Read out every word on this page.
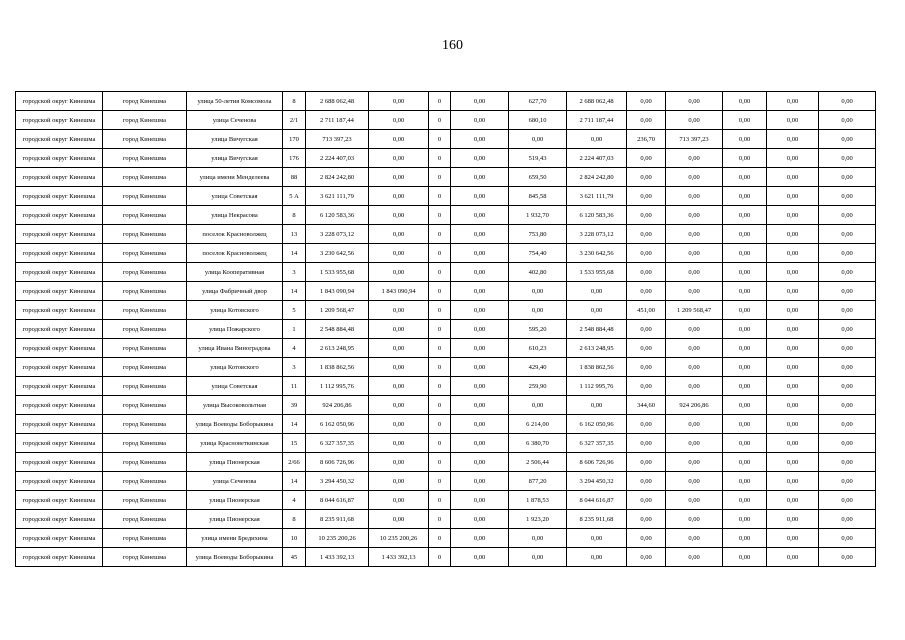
160
городской округ Кинешма	город Кинешма	улица 50-летия Комсомола	8	2 688 062,48	0,00	0	0,00	627,70	2 688 062,48	0,00	0,00	0,00	0,00	0,00
городской округ Кинешма	город Кинешма	улица Сеченова	2/1	2 711 187,44	0,00	0	0,00	680,10	2 711 187,44	0,00	0,00	0,00	0,00	0,00
городской округ Кинешма	город Кинешма	улица Вичугская	170	713 397,23	0,00	0	0,00	0,00	0,00	236,70	713 397,23	0,00	0,00	0,00
городской округ Кинешма	город Кинешма	улица Вичугская	176	2 224 407,03	0,00	0	0,00	519,43	2 224 407,03	0,00	0,00	0,00	0,00	0,00
городской округ Кинешма	город Кинешма	улица имени Менделеева	88	2 824 242,80	0,00	0	0,00	659,50	2 824 242,80	0,00	0,00	0,00	0,00	0,00
городской округ Кинешма	город Кинешма	улица Советская	5 А	3 621 111,79	0,00	0	0,00	845,58	3 621 111,79	0,00	0,00	0,00	0,00	0,00
городской округ Кинешма	город Кинешма	улица Некрасова	8	6 120 583,36	0,00	0	0,00	1 932,70	6 120 583,36	0,00	0,00	0,00	0,00	0,00
городской округ Кинешма	город Кинешма	поселок Красноволжец	13	3 228 073,12	0,00	0	0,00	753,80	3 228 073,12	0,00	0,00	0,00	0,00	0,00
городской округ Кинешма	город Кинешма	поселок Красноволжец	14	3 230 642,56	0,00	0	0,00	754,40	3 230 642,56	0,00	0,00	0,00	0,00	0,00
городской округ Кинешма	город Кинешма	улица Кооперативная	3	1 533 955,68	0,00	0	0,00	402,80	1 533 955,68	0,00	0,00	0,00	0,00	0,00
городской округ Кинешма	город Кинешма	улица Фабричный двор	14	1 843 090,94	1 843 090,94	0	0,00	0,00	0,00	0,00	0,00	0,00	0,00	0,00
городской округ Кинешма	город Кинешма	улица Котовского	5	1 209 568,47	0,00	0	0,00	0,00	0,00	451,00	1 209 568,47	0,00	0,00	0,00
городской округ Кинешма	город Кинешма	улица Пожарского	1	2 548 884,48	0,00	0	0,00	595,20	2 548 884,48	0,00	0,00	0,00	0,00	0,00
городской округ Кинешма	город Кинешма	улица Ивана Виноградова	4	2 613 248,95	0,00	0	0,00	610,23	2 613 248,95	0,00	0,00	0,00	0,00	0,00
городской округ Кинешма	город Кинешма	улица Котовского	3	1 838 862,56	0,00	0	0,00	429,40	1 838 862,56	0,00	0,00	0,00	0,00	0,00
городской округ Кинешма	город Кинешма	улица Советская	11	1 112 995,76	0,00	0	0,00	259,90	1 112 995,76	0,00	0,00	0,00	0,00	0,00
городской округ Кинешма	город Кинешма	улица Высоковольтная	39	924 206,86	0,00	0	0,00	0,00	0,00	344,60	924 206,86	0,00	0,00	0,00
городской округ Кинешма	город Кинешма	улица Воеводы Боборыкина	14	6 162 050,96	0,00	0	0,00	6 214,00	6 162 050,96	0,00	0,00	0,00	0,00	0,00
городской округ Кинешма	город Кинешма	улица Красноветкинская	15	6 327 357,35	0,00	0	0,00	6 380,70	6 327 357,35	0,00	0,00	0,00	0,00	0,00
городской округ Кинешма	город Кинешма	улица Пионерская	2/66	8 606 726,96	0,00	0	0,00	2 506,44	8 606 726,96	0,00	0,00	0,00	0,00	0,00
городской округ Кинешма	город Кинешма	улица Сеченова	14	3 294 450,32	0,00	0	0,00	877,20	3 294 450,32	0,00	0,00	0,00	0,00	0,00
городской округ Кинешма	город Кинешма	улица Пионерская	4	8 044 616,87	0,00	0	0,00	1 878,53	8 044 616,87	0,00	0,00	0,00	0,00	0,00
городской округ Кинешма	город Кинешма	улица Пионерская	8	8 235 911,68	0,00	0	0,00	1 923,20	8 235 911,68	0,00	0,00	0,00	0,00	0,00
городской округ Кинешма	город Кинешма	улица имени Бредихина	10	10 235 200,26	10 235 200,26	0	0,00	0,00	0,00	0,00	0,00	0,00	0,00	0,00
городской округ Кинешма	город Кинешма	улица Воеводы Боборыкина	45	1 433 392,13	1 433 392,13	0	0,00	0,00	0,00	0,00	0,00	0,00	0,00	0,00
